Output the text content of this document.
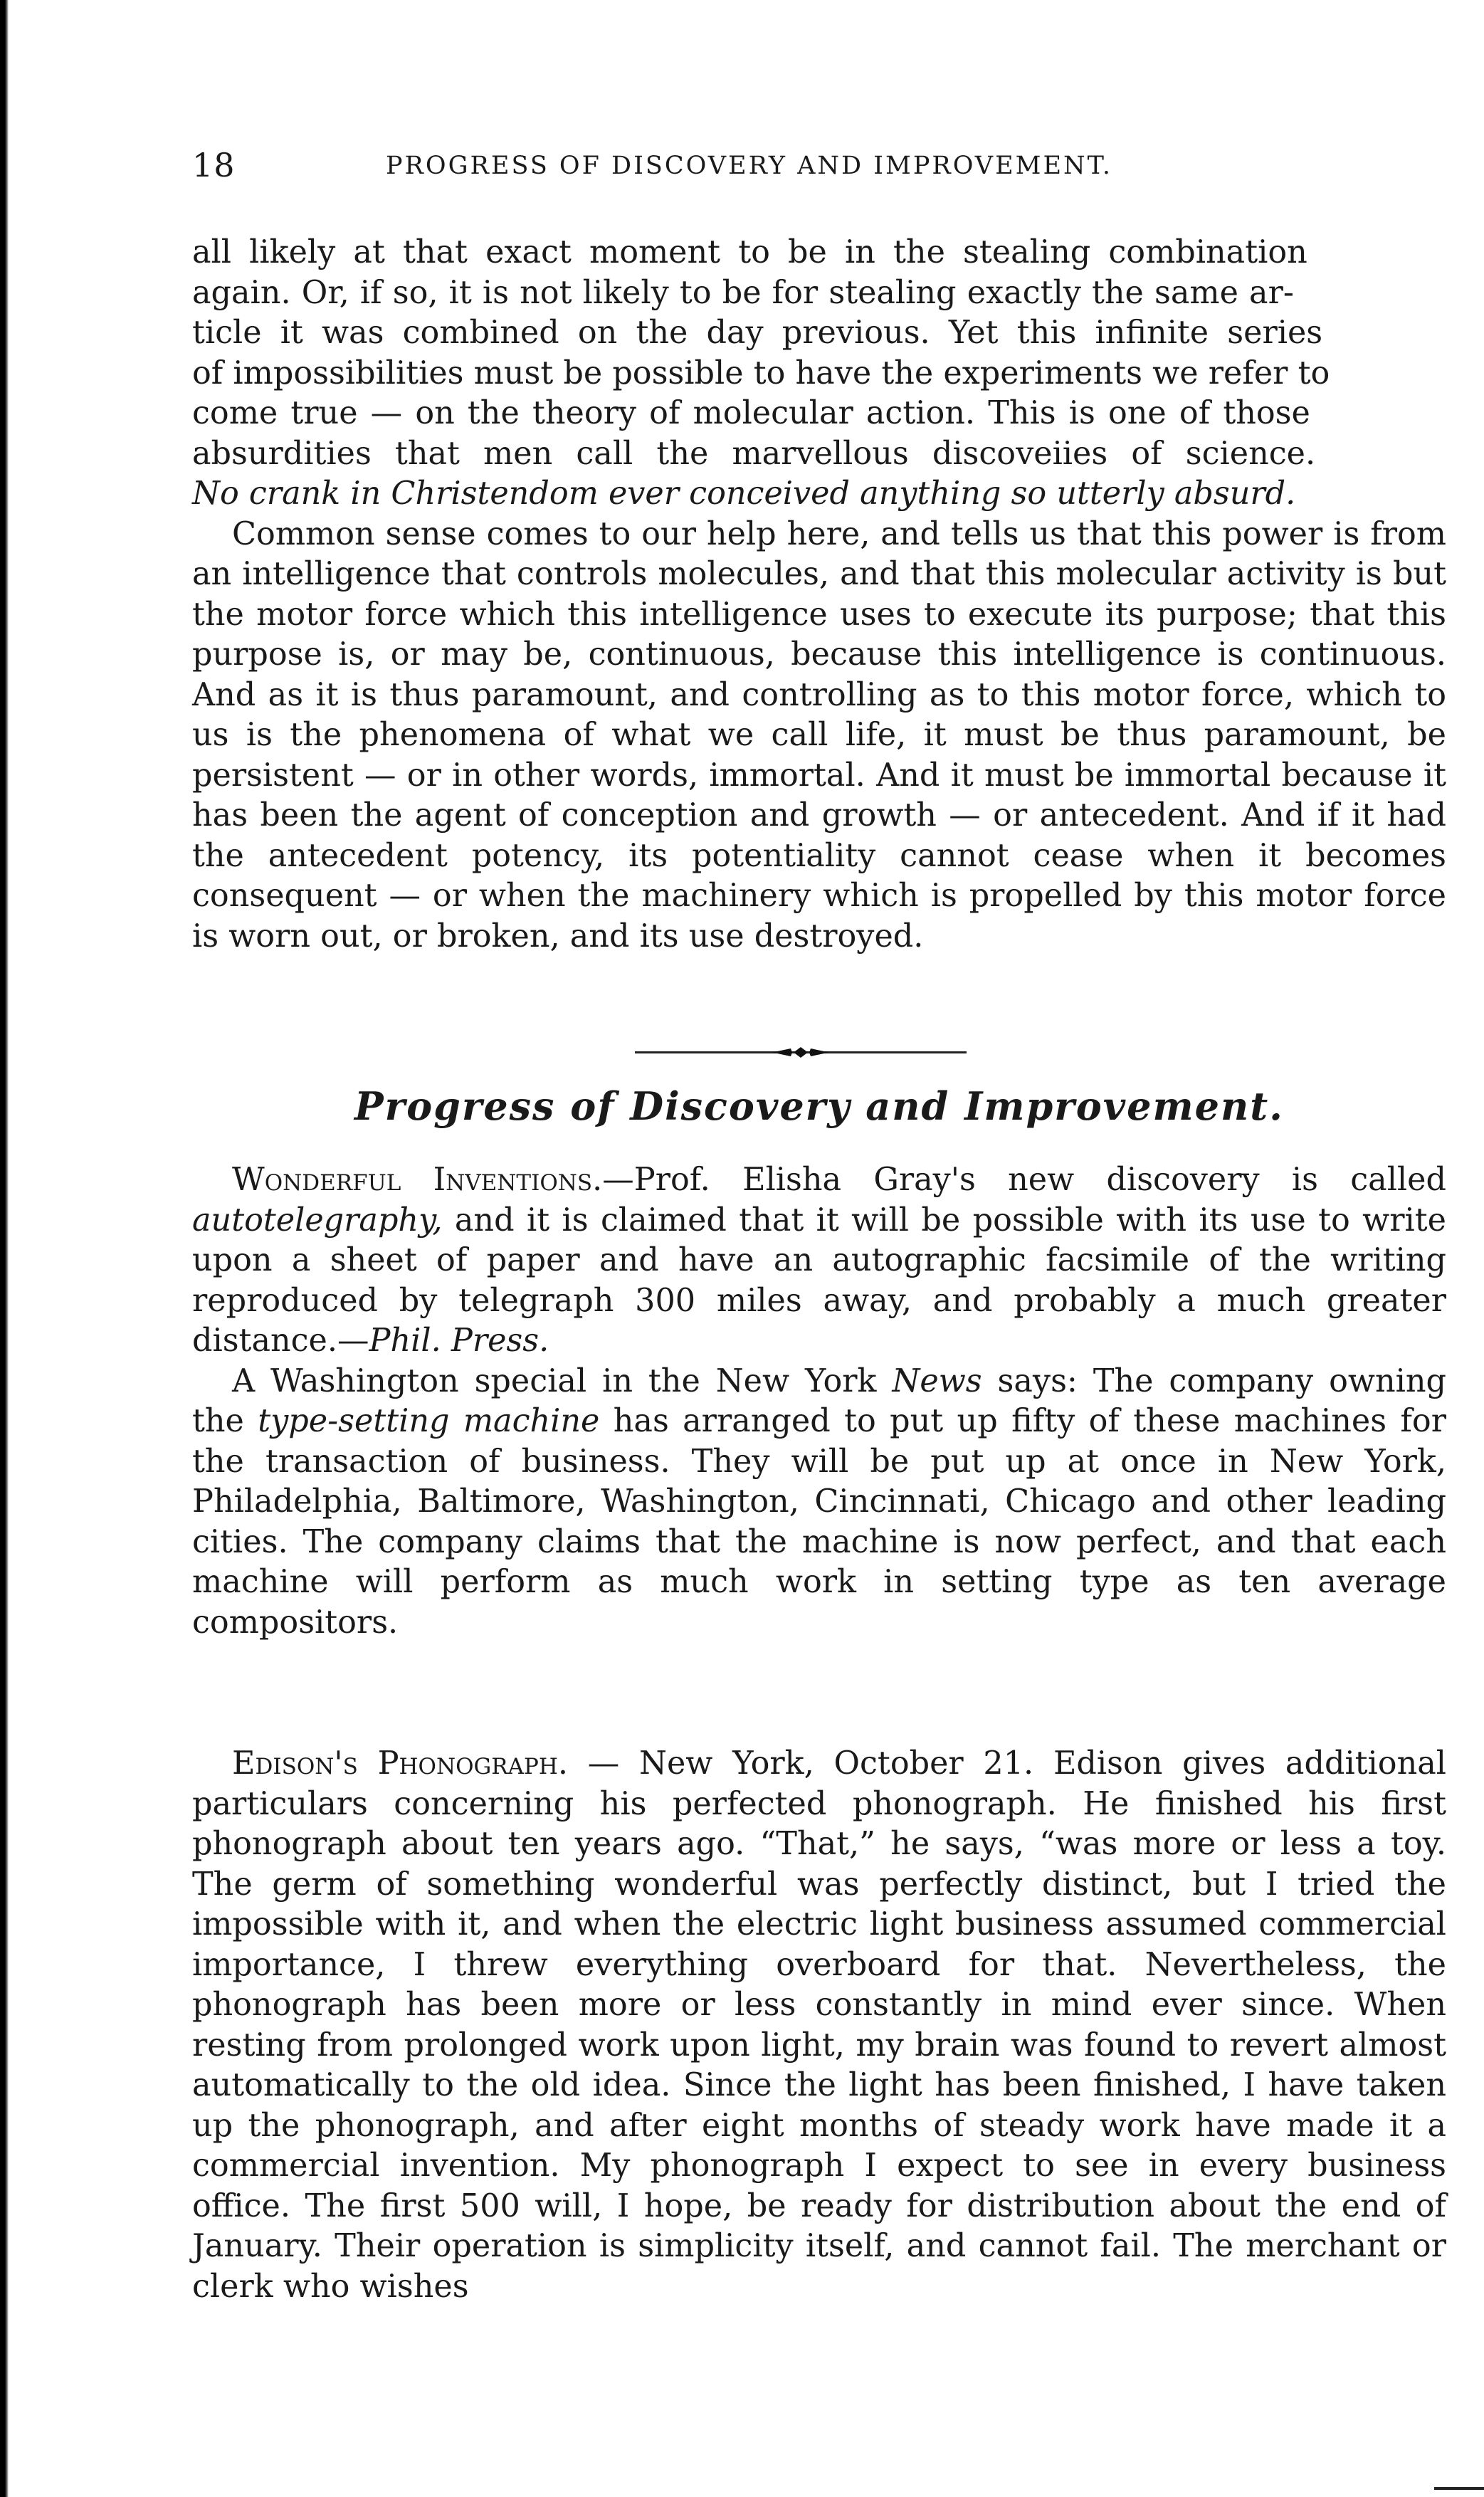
18	PROGRESS OF DISCOVERY AND IMPROVEMENT.

all likely at that exact moment to be in the stealing combination
again. Or, if so, it is not likely to be for stealing exactly the same ar-
ticle it was combined on the day previous. Yet this infinite series
of impossibilities must be possible to have the experiments we refer to
come true — on the theory of molecular action. This is one of those
absurdities that men call the marvellous discoveiies of science.
No crank in Christendom ever conceived anything so utterly absurd.

Common sense comes to our help here, and tells us that this power is from an intelligence that controls molecules, and that this molecular activity is but the motor force which this intelligence uses to execute its purpose; that this purpose is, or may be, continuous, because this intelligence is continuous. And as it is thus paramount, and controlling as to this motor force, which to us is the phenomena of what we call life, it must be thus paramount, be persistent — or in other words, immortal. And it must be immortal because it has been the agent of conception and growth — or antecedent. And if it had the antecedent potency, its potentiality cannot cease when it becomes consequent — or when the machinery which is propelled by this motor force is worn out, or broken, and its use destroyed.

Progress of Discovery and Improvement.

Wonderful Inventions.—Prof. Elisha Gray's new discovery is called autotelegraphy, and it is claimed that it will be possible with its use to write upon a sheet of paper and have an autographic facsimile of the writing reproduced by telegraph 300 miles away, and probably a much greater distance.—Phil. Press.

A Washington special in the New York News says: The company owning the type-setting machine has arranged to put up fifty of these machines for the transaction of business. They will be put up at once in New York, Philadelphia, Baltimore, Washington, Cincinnati, Chicago and other leading cities. The company claims that the machine is now perfect, and that each machine will perform as much work in setting type as ten average compositors.

Edison's Phonograph. — New York, October 21. Edison gives additional particulars concerning his perfected phonograph. He finished his first phonograph about ten years ago. “That,” he says, “was more or less a toy. The germ of something wonderful was perfectly distinct, but I tried the impossible with it, and when the electric light business assumed commercial importance, I threw everything overboard for that. Nevertheless, the phonograph has been more or less constantly in mind ever since. When resting from prolonged work upon light, my brain was found to revert almost automatically to the old idea. Since the light has been finished, I have taken up the phonograph, and after eight months of steady work have made it a commercial invention. My phonograph I expect to see in every business office. The first 500 will, I hope, be ready for distribution about the end of January. Their operation is simplicity itself, and cannot fail. The merchant or clerk who wishes
